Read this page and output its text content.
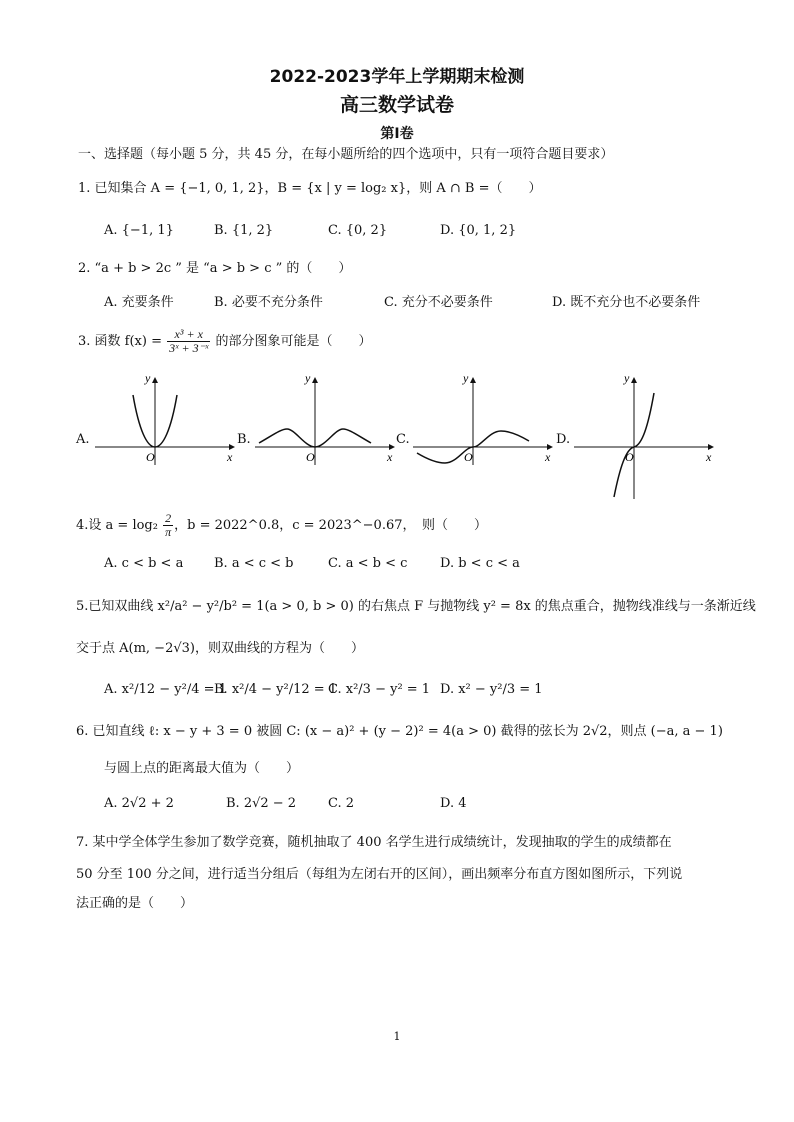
2022-2023学年上学期期末检测
高三数学试卷
第Ⅰ卷
一、选择题（每小题 5 分，共 45 分，在每小题所给的四个选项中，只有一项符合题目要求）
1. 已知集合 A = {−1, 0, 1, 2}，B = {x | y = log₂ x}，则 A ∩ B =（　　）
A. {−1, 1}	B. {1, 2}	C. {0, 2}	D. {0, 1, 2}
2. “a + b > 2c ” 是 “a > b > c ” 的（　　）
A. 充要条件	B. 必要不充分条件	C. 充分不必要条件	D. 既不充分也不必要条件
3. 函数 $f(x) = \frac{\text{x³ + x}}{\text{3ˣ + 3⁻ˣ}}$ 的部分图象可能是（　　）
A.	B.	C.	D.
y
x
O
y
x
O
y
x
O
y
x
O
4.设 $a = \log_2 \frac{2}{\pi}$ ，b = 2022^0.8，c = 2023^−0.67，　则（　　）
A. c < b < a B. a < c < b	C. a < b < c	D. b < c < a
5.已知双曲线 x²/a² − y²/b² = 1(a > 0, b > 0) 的右焦点 F 与抛物线 y² = 8x 的焦点重合，抛物线准线与一条渐近线
交于点 A(m, −2√3)，则双曲线的方程为（　　）
A. x²/12 − y²/4 = 1
B. x²/4 − y²/12 = 1
C. x²/3 − y² = 1 D. x² − y²/3 = 1
6. 已知直线 ℓ: x − y + 3 = 0 被圆 C: (x − a)² + (y − 2)² = 4(a > 0) 截得的弦长为 2√2，则点 (−a, a − 1)
与圆上点的距离最大值为（　　）
A. 2√2 + 2	B. 2√2 − 2 C. 2	D. 4
7. 某中学全体学生参加了数学竞赛，随机抽取了 400 名学生进行成绩统计，发现抽取的学生的成绩都在
50 分至 100 分之间，进行适当分组后（每组为左闭右开的区间），画出频率分布直方图如图所示，下列说
法正确的是（　　）
1
